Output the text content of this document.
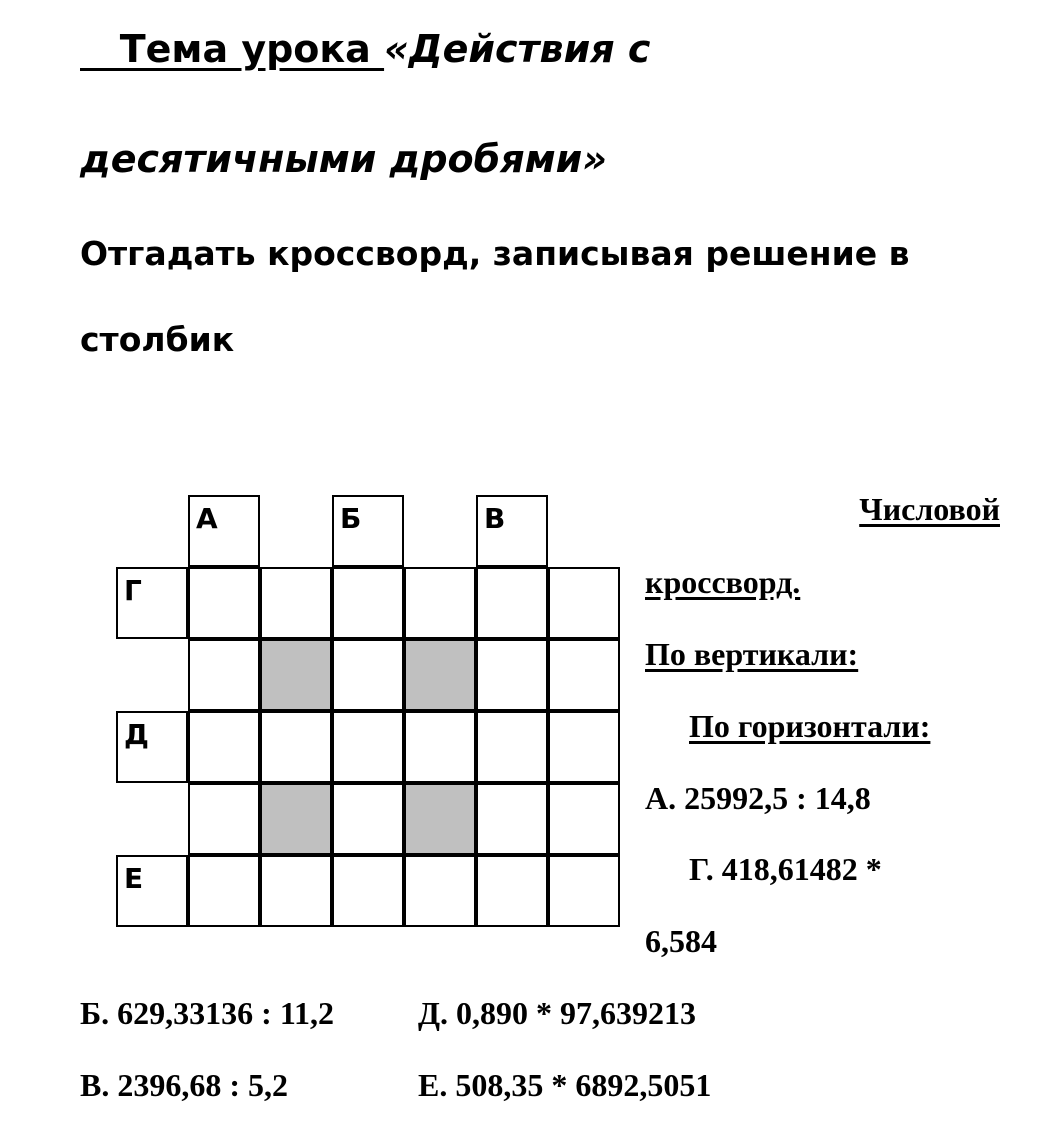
Тема урока «Действия с
десятичными дробями»
Отгадать кроссворд, записывая решение в
столбик
А	Б	В
Г
Д
Е
Числовой
кроссворд.
По вертикали:
По горизонтали:
А. 25992,5 : 14,8
Г. 418,61482 *
6,584
Б. 629,33136 : 11,2	Д. 0,890 * 97,639213
В. 2396,68 : 5,2	Е. 508,35 * 6892,5051
